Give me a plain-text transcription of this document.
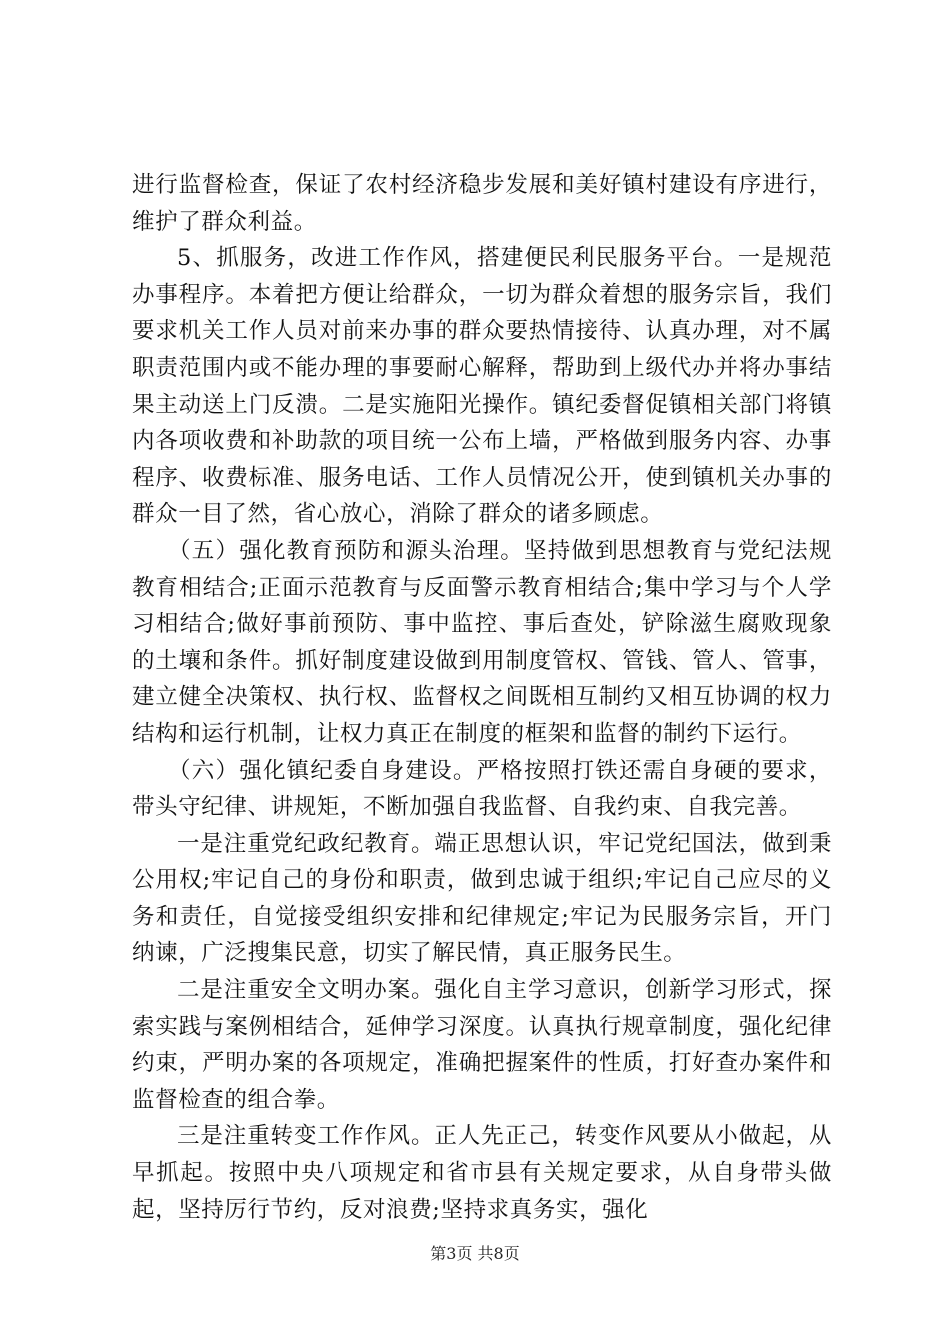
进行监督检查，保证了农村经济稳步发展和美好镇村建设有序进行，维护了群众利益。

5、抓服务，改进工作作风，搭建便民利民服务平台。一是规范办事程序。本着把方便让给群众，一切为群众着想的服务宗旨，我们要求机关工作人员对前来办事的群众要热情接待、认真办理，对不属职责范围内或不能办理的事要耐心解释，帮助到上级代办并将办事结果主动送上门反溃。二是实施阳光操作。镇纪委督促镇相关部门将镇内各项收费和补助款的项目统一公布上墙，严格做到服务内容、办事程序、收费标准、服务电话、工作人员情况公开，使到镇机关办事的群众一目了然，省心放心，消除了群众的诸多顾虑。

（五）强化教育预防和源头治理。坚持做到思想教育与党纪法规教育相结合;正面示范教育与反面警示教育相结合;集中学习与个人学习相结合;做好事前预防、事中监控、事后查处，铲除滋生腐败现象的土壤和条件。抓好制度建设做到用制度管权、管钱、管人、管事，建立健全决策权、执行权、监督权之间既相互制约又相互协调的权力结构和运行机制，让权力真正在制度的框架和监督的制约下运行。

（六）强化镇纪委自身建设。严格按照打铁还需自身硬的要求，带头守纪律、讲规矩，不断加强自我监督、自我约束、自我完善。

一是注重党纪政纪教育。端正思想认识，牢记党纪国法，做到秉公用权;牢记自己的身份和职责，做到忠诚于组织;牢记自己应尽的义务和责任，自觉接受组织安排和纪律规定;牢记为民服务宗旨，开门纳谏，广泛搜集民意，切实了解民情，真正服务民生。

二是注重安全文明办案。强化自主学习意识，创新学习形式，探索实践与案例相结合，延伸学习深度。认真执行规章制度，强化纪律约束，严明办案的各项规定，准确把握案件的性质，打好查办案件和监督检查的组合拳。

三是注重转变工作作风。正人先正己，转变作风要从小做起，从早抓起。按照中央八项规定和省市县有关规定要求，从自身带头做起，坚持厉行节约，反对浪费;坚持求真务实，强化

第3页 共8页
